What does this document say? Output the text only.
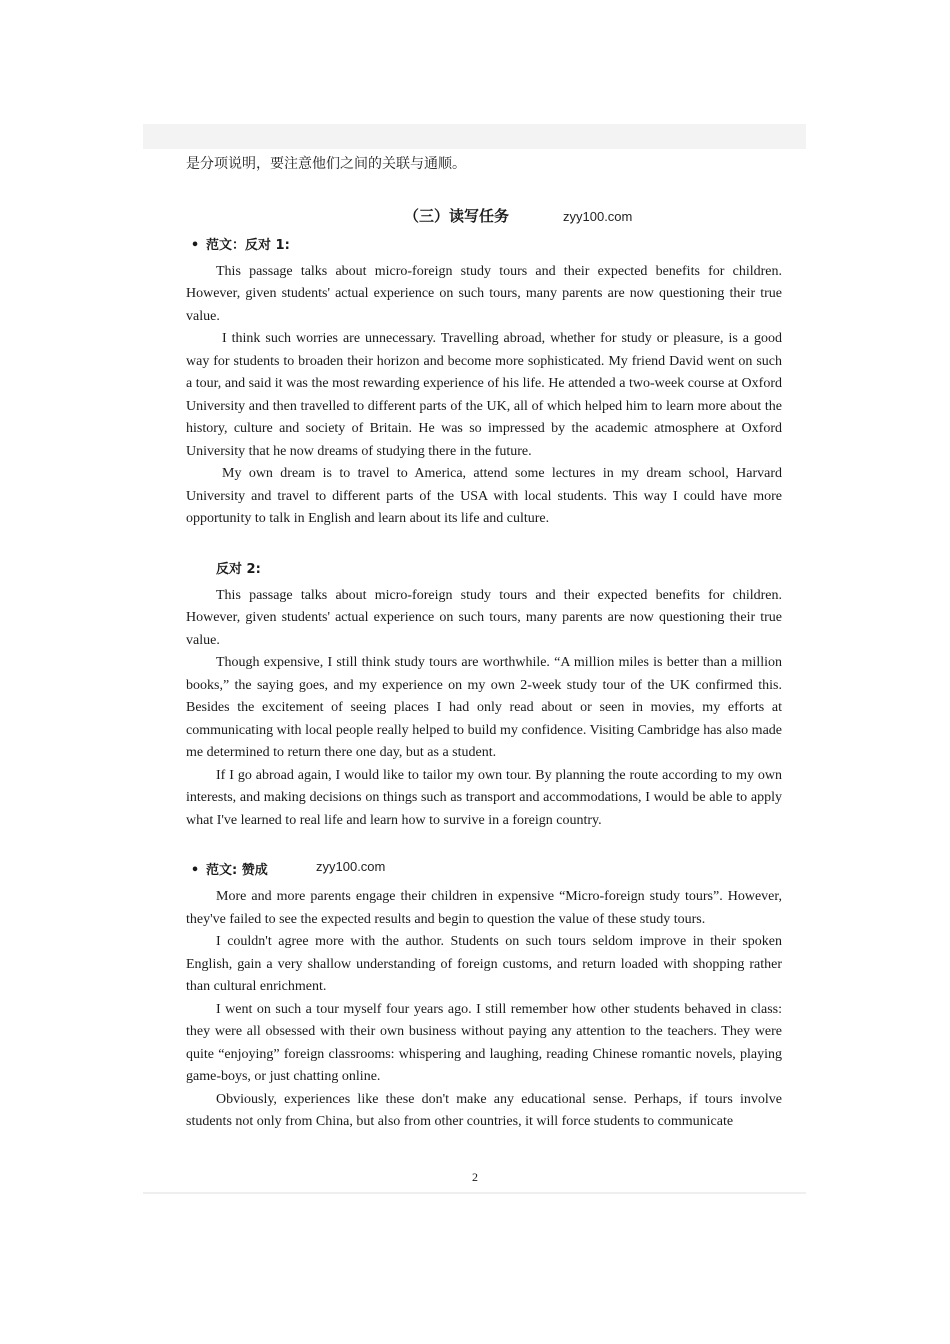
是分项说明，要注意他们之间的关联与通顺。

（三）读写任务	zyy100.com
• 范文：反对 1:

This passage talks about micro-foreign study tours and their expected benefits for children. However, given students' actual experience on such tours, many parents are now questioning their true value.

I think such worries are unnecessary. Travelling abroad, whether for study or pleasure, is a good way for students to broaden their horizon and become more sophisticated. My friend David went on such a tour, and said it was the most rewarding experience of his life. He attended a two-week course at Oxford University and then travelled to different parts of the UK, all of which helped him to learn more about the history, culture and society of Britain. He was so impressed by the academic atmosphere at Oxford University that he now dreams of studying there in the future.

My own dream is to travel to America, attend some lectures in my dream school, Harvard University and travel to different parts of the USA with local students. This way I could have more opportunity to talk in English and learn about its life and culture.

反对 2:

This passage talks about micro-foreign study tours and their expected benefits for children. However, given students' actual experience on such tours, many parents are now questioning their true value.

Though expensive, I still think study tours are worthwhile. “A million miles is better than a million books,” the saying goes, and my experience on my own 2-week study tour of the UK confirmed this. Besides the excitement of seeing places I had only read about or seen in movies, my efforts at communicating with local people really helped to build my confidence. Visiting Cambridge has also made me determined to return there one day, but as a student.

If I go abroad again, I would like to tailor my own tour. By planning the route according to my own interests, and making decisions on things such as transport and accommodations, I would be able to apply what I've learned to real life and learn how to survive in a foreign country.

• 范文: 赞成	zyy100.com

More and more parents engage their children in expensive “Micro-foreign study tours”. However, they've failed to see the expected results and begin to question the value of these study tours.

I couldn't agree more with the author. Students on such tours seldom improve in their spoken English, gain a very shallow understanding of foreign customs, and return loaded with shopping rather than cultural enrichment.

I went on such a tour myself four years ago. I still remember how other students behaved in class: they were all obsessed with their own business without paying any attention to the teachers. They were quite “enjoying” foreign classrooms: whispering and laughing, reading Chinese romantic novels, playing game-boys, or just chatting online.

Obviously, experiences like these don't make any educational sense. Perhaps, if tours involve students not only from China, but also from other countries, it will force students to communicate

2
